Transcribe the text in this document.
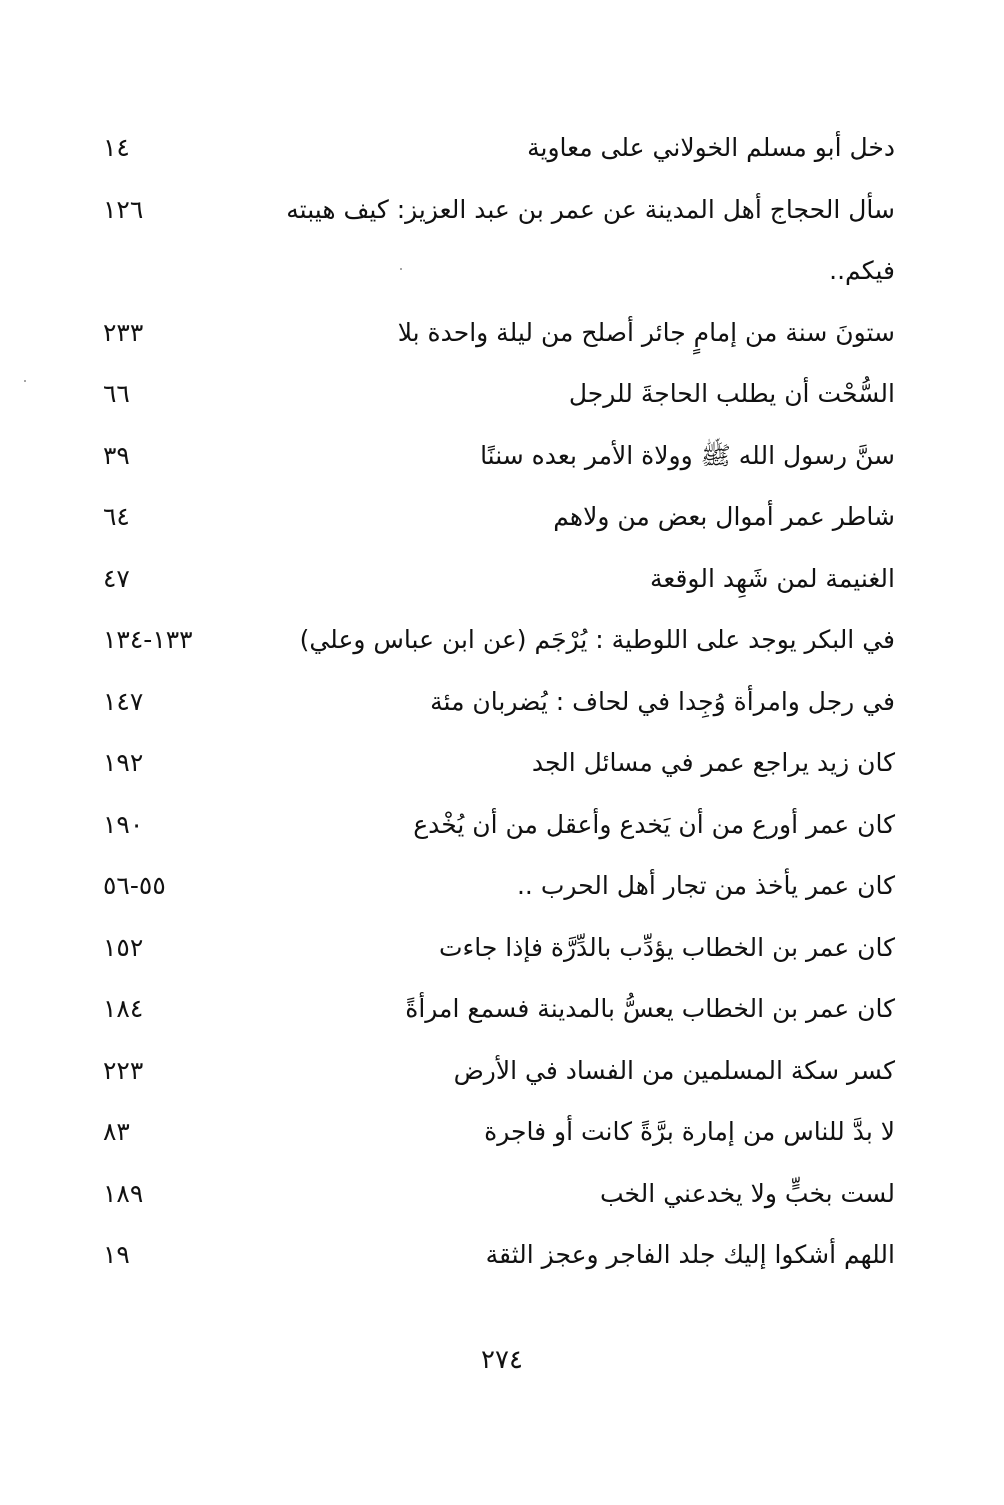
دخل أبو مسلم الخولاني على معاوية
١٤
سأل الحجاج أهل المدينة عن عمر بن عبد العزيز: كيف هيبته
١٢٦
فيكم..
ستونَ سنة من إمامٍ جائر أصلح من ليلة واحدة بلا
٢٣٣
السُّحْت أن يطلب الحاجةَ للرجل
٦٦
سنَّ رسول الله ﷺ وولاة الأمر بعده سننًا
٣٩
شاطر عمر أموال بعض من ولاهم
٦٤
الغنيمة لمن شَهِد الوقعة
٤٧
في البكر يوجد على اللوطية : يُرْجَم (عن ابن عباس وعلي)
١٣٣-١٣٤
في رجل وامرأة وُجِدا في لحاف : يُضربان مئة
١٤٧
كان زيد يراجع عمر في مسائل الجد
١٩٢
كان عمر أورع من أن يَخدع وأعقل من أن يُخْدع
١٩٠
كان عمر يأخذ من تجار أهل الحرب ..
٥٥-٥٦
كان عمر بن الخطاب يؤدِّب بالدِّرَّة فإذا جاءت
١٥٢
كان عمر بن الخطاب يعسُّ بالمدينة فسمع امرأةً
١٨٤
كسر سكة المسلمين من الفساد في الأرض
٢٢٣
لا بدَّ للناس من إمارة برَّةً كانت أو فاجرة
٨٣
لست بخبٍّ ولا يخدعني الخب
١٨٩
اللهم أشكوا إليك جلد الفاجر وعجز الثقة
١٩
٢٧٤
